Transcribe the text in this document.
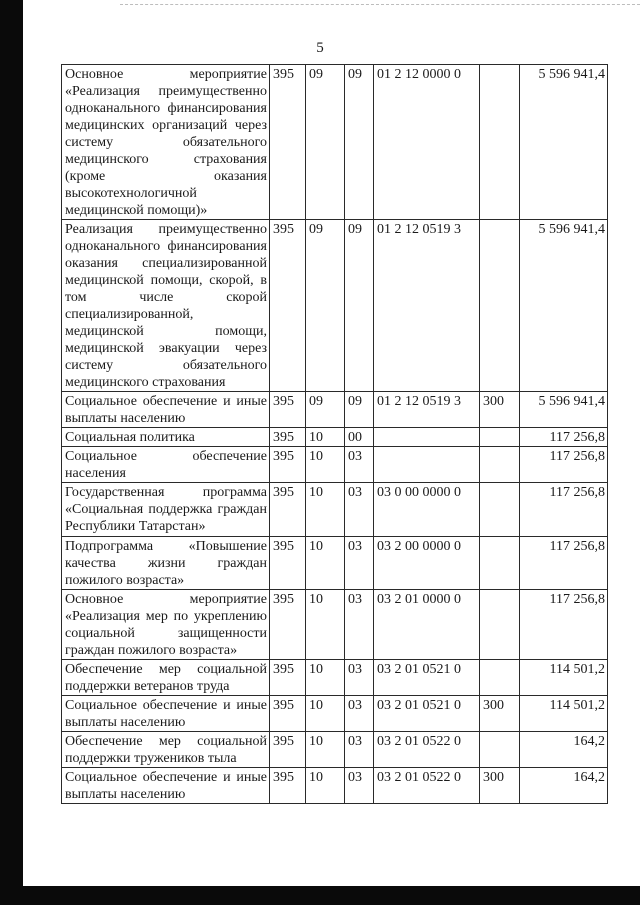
5
Основное мероприятие «Реализация преимущественно одноканального финансирования медицинских организаций через систему обязательного медицинского страхования (кроме оказания высокотехнологичной медицинской помощи)»	395	09	09	01 2 12 0000 0		5 596 941,4
Реализация преимущественно одноканального финансирования оказания специализированной медицинской помощи, скорой, в том числе скорой специализированной, медицинской помощи, медицинской эвакуации через систему обязательного медицинского страхования	395	09	09	01 2 12 0519 3		5 596 941,4
Социальное обеспечение и иные выплаты населению	395	09	09	01 2 12 0519 3	300	5 596 941,4
Социальная политика	395	10	00			117 256,8
Социальное обеспечение населения	395	10	03			117 256,8
Государственная программа «Социальная поддержка граждан Республики Татарстан»	395	10	03	03 0 00 0000 0		117 256,8
Подпрограмма «Повышение качества жизни граждан пожилого возраста»	395	10	03	03 2 00 0000 0		117 256,8
Основное мероприятие «Реализация мер по укреплению социальной защищенности граждан пожилого возраста»	395	10	03	03 2 01 0000 0		117 256,8
Обеспечение мер социальной поддержки ветеранов труда	395	10	03	03 2 01 0521 0		114 501,2
Социальное обеспечение и иные выплаты населению	395	10	03	03 2 01 0521 0	300	114 501,2
Обеспечение мер социальной поддержки тружеников тыла	395	10	03	03 2 01 0522 0		164,2
Социальное обеспечение и иные выплаты населению	395	10	03	03 2 01 0522 0	300	164,2
